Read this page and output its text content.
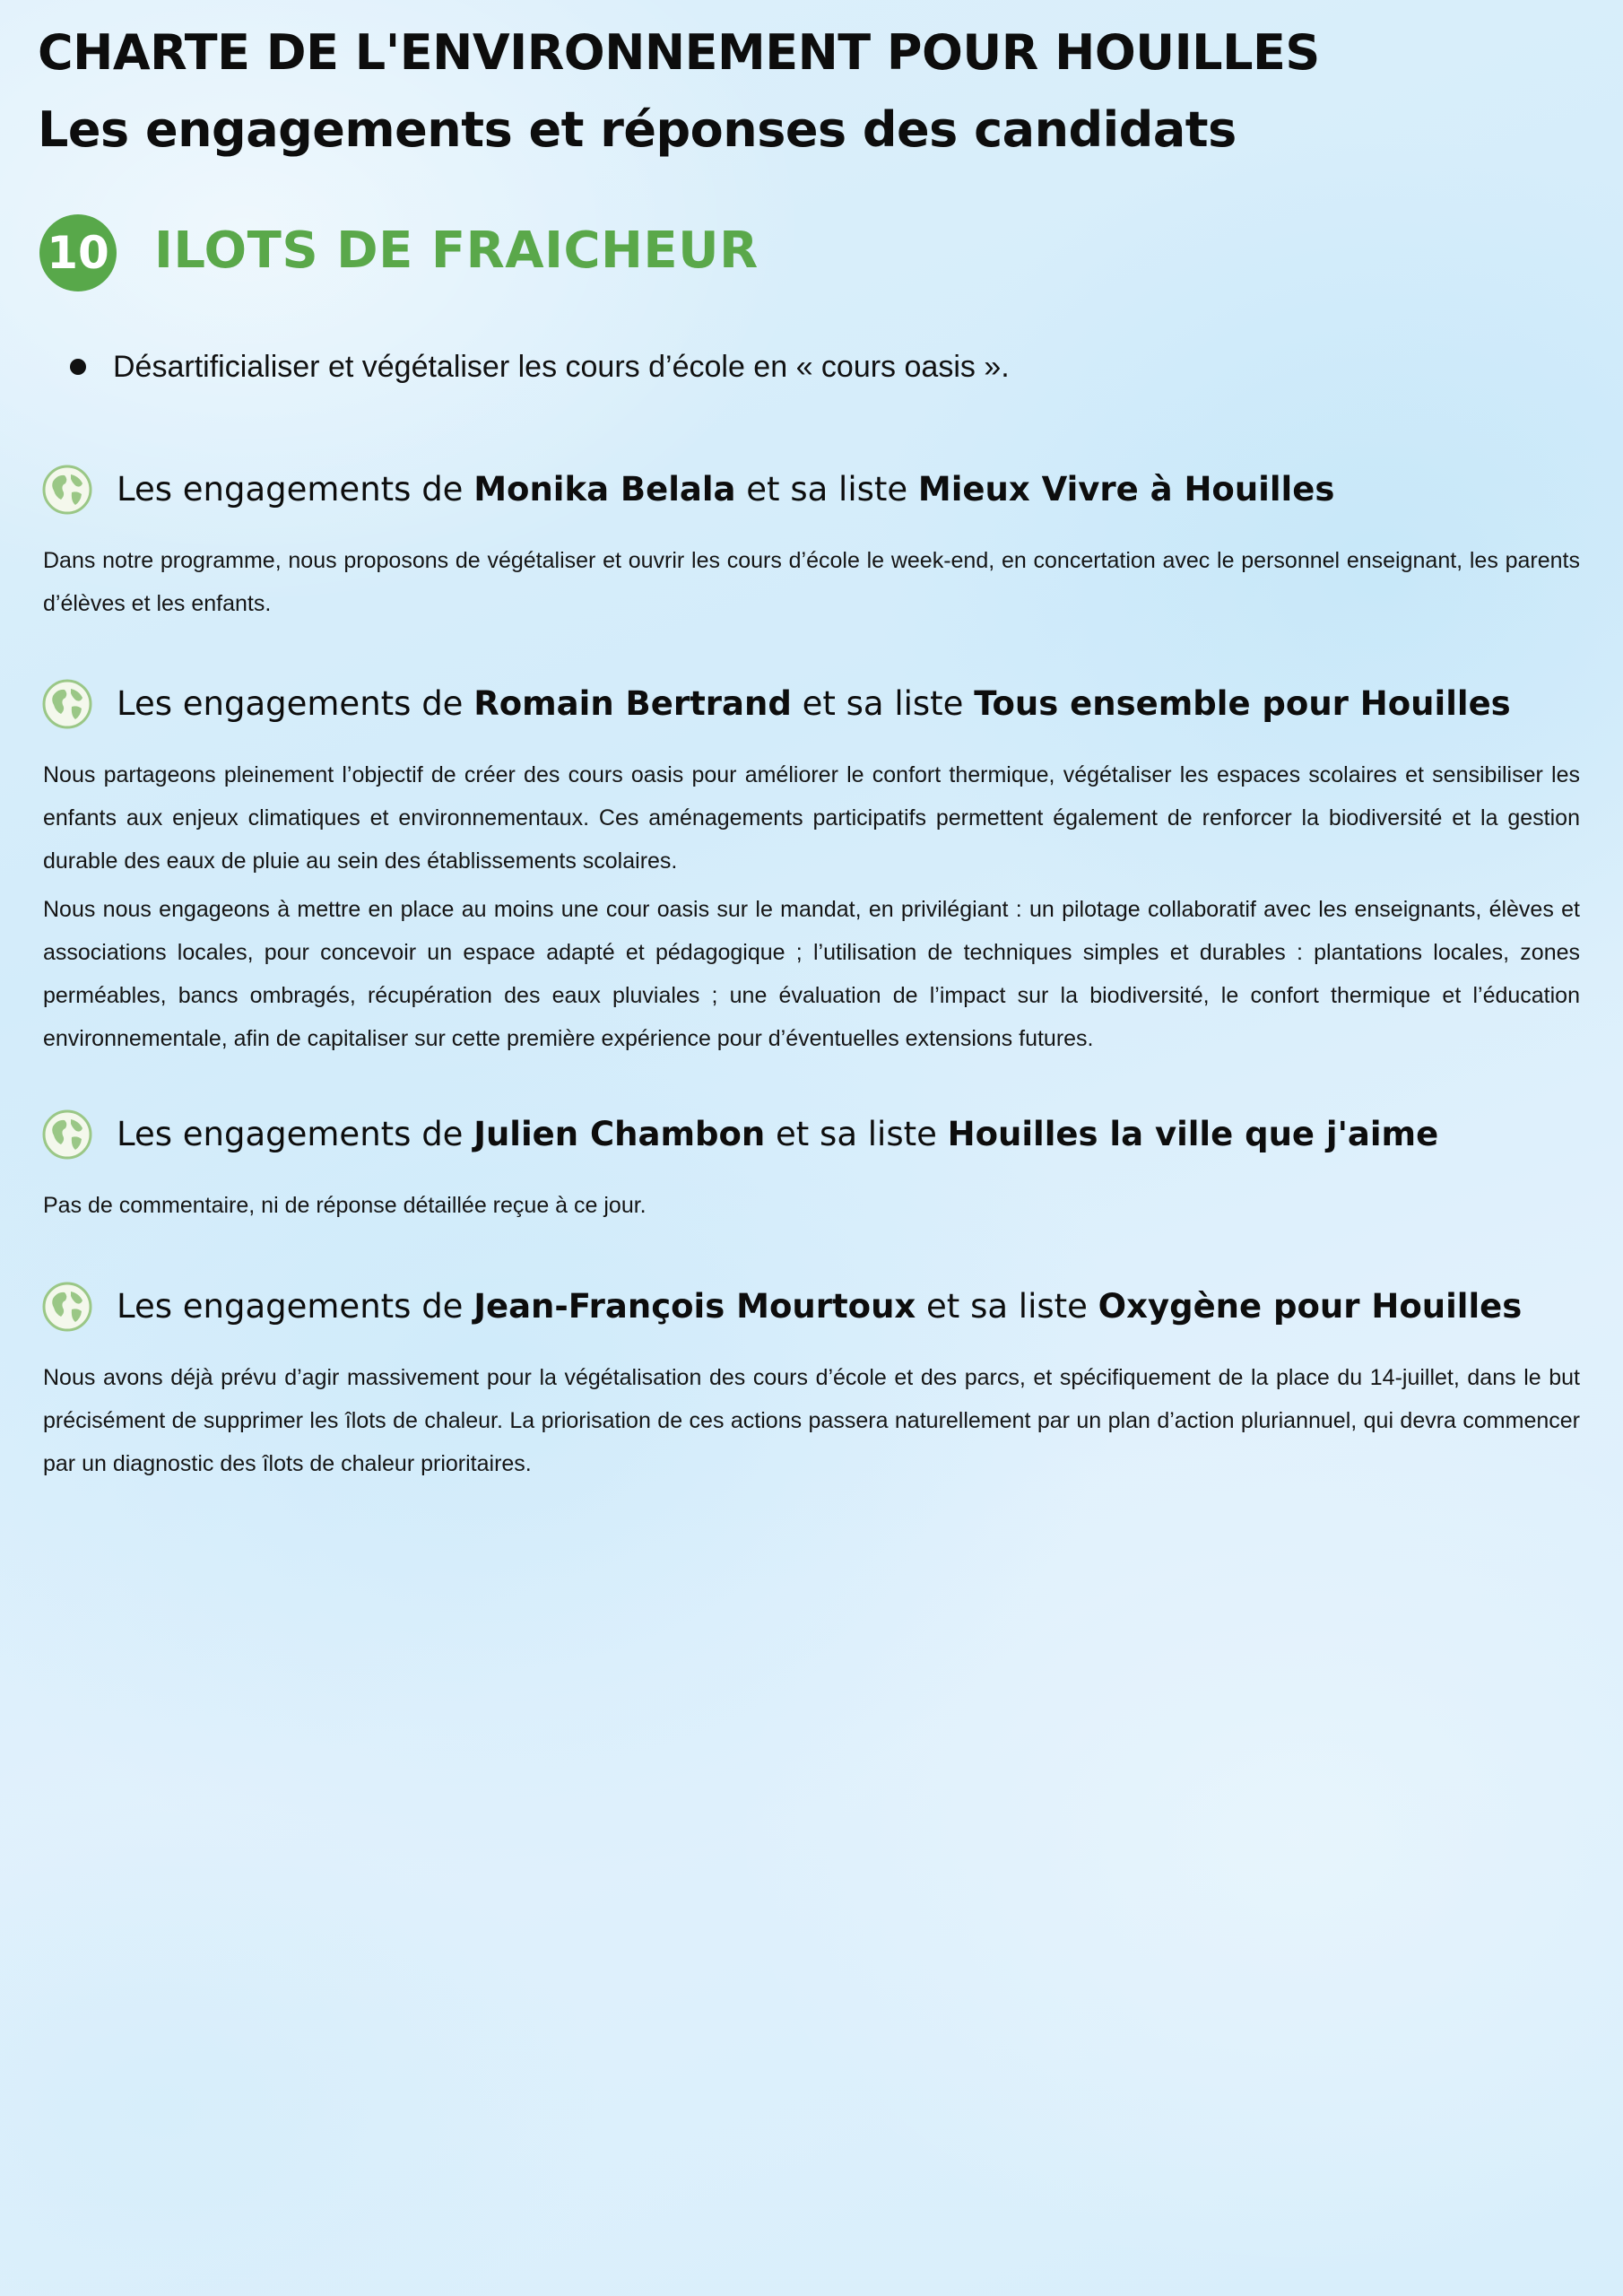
CHARTE DE L'ENVIRONNEMENT POUR HOUILLES
Les engagements et réponses des candidats
10 ILOTS DE FRAICHEUR
Désartificialiser et végétaliser les cours d’école en « cours oasis ».
Les engagements de Monika Belala et sa liste Mieux Vivre à Houilles

Dans notre programme, nous proposons de végétaliser et ouvrir les cours d’école le week-end, en concertation avec le personnel enseignant, les parents d’élèves et les enfants.

Les engagements de Romain Bertrand et sa liste Tous ensemble pour Houilles

Nous partageons pleinement l’objectif de créer des cours oasis pour améliorer le confort thermique, végétaliser les espaces scolaires et sensibiliser les enfants aux enjeux climatiques et environnementaux. Ces aménagements participatifs permettent également de renforcer la biodiversité et la gestion durable des eaux de pluie au sein des établissements scolaires.

Nous nous engageons à mettre en place au moins une cour oasis sur le mandat, en privilégiant : un pilotage collaboratif avec les enseignants, élèves et associations locales, pour concevoir un espace adapté et pédagogique ; l’utilisation de techniques simples et durables : plantations locales, zones perméables, bancs ombragés, récupération des eaux pluviales ; une évaluation de l’impact sur la biodiversité, le confort thermique et l’éducation environnementale, afin de capitaliser sur cette première expérience pour d’éventuelles extensions futures.

Les engagements de Julien Chambon et sa liste Houilles la ville que j'aime

Pas de commentaire, ni de réponse détaillée reçue à ce jour.

Les engagements de Jean-François Mourtoux et sa liste Oxygène pour Houilles

Nous avons déjà prévu d’agir massivement pour la végétalisation des cours d’école et des parcs, et spécifiquement de la place du 14-juillet, dans le but précisément de supprimer les îlots de chaleur. La priorisation de ces actions passera naturellement par un plan d’action pluriannuel, qui devra commencer par un diagnostic des îlots de chaleur prioritaires.
